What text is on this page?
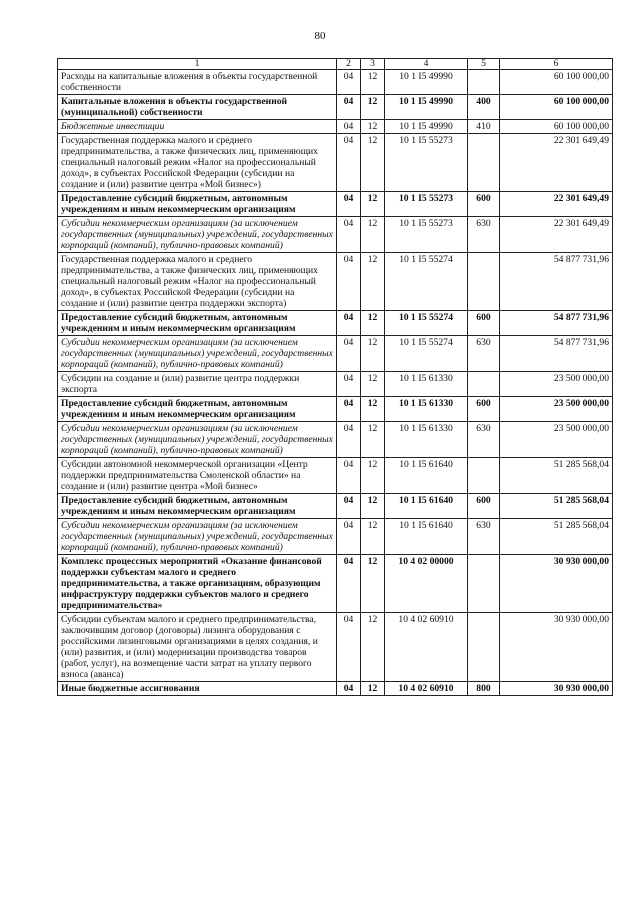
80
1	2	3	4	5	6
Расходы на капитальные вложения в объекты государственной собственности	04	12	10 1 I5 49990		60 100 000,00
Капитальные вложения в объекты государственной (муниципальной) собственности	04	12	10 1 I5 49990	400	60 100 000,00
Бюджетные инвестиции	04	12	10 1 I5 49990	410	60 100 000,00
Государственная поддержка малого и среднего предпринимательства, а также физических лиц, применяющих специальный налоговый режим «Налог на профессиональный доход», в субъектах Российской Федерации (субсидии на создание и (или) развитие центра «Мой бизнес»)	04	12	10 1 I5 55273		22 301 649,49
Предоставление субсидий бюджетным, автономным учреждениям и иным некоммерческим организациям	04	12	10 1 I5 55273	600	22 301 649,49
Субсидии некоммерческим организациям (за исключением государственных (муниципальных) учреждений, государственных корпораций (компаний), публично-правовых компаний)	04	12	10 1 I5 55273	630	22 301 649,49
Государственная поддержка малого и среднего предпринимательства, а также физических лиц, применяющих специальный налоговый режим «Налог на профессиональный доход», в субъектах Российской Федерации (субсидии на создание и (или) развитие центра поддержки экспорта)	04	12	10 1 I5 55274		54 877 731,96
Предоставление субсидий бюджетным, автономным учреждениям и иным некоммерческим организациям	04	12	10 1 I5 55274	600	54 877 731,96
Субсидии некоммерческим организациям (за исключением государственных (муниципальных) учреждений, государственных корпораций (компаний), публично-правовых компаний)	04	12	10 1 I5 55274	630	54 877 731,96
Субсидии на создание и (или) развитие центра поддержки экспорта	04	12	10 1 I5 61330		23 500 000,00
Предоставление субсидий бюджетным, автономным учреждениям и иным некоммерческим организациям	04	12	10 1 I5 61330	600	23 500 000,00
Субсидии некоммерческим организациям (за исключением государственных (муниципальных) учреждений, государственных корпораций (компаний), публично-правовых компаний)	04	12	10 1 I5 61330	630	23 500 000,00
Субсидии автономной некоммерческой организации «Центр поддержки предпринимательства Смоленской области» на создание и (или) развитие центра «Мой бизнес»	04	12	10 1 I5 61640		51 285 568,04
Предоставление субсидий бюджетным, автономным учреждениям и иным некоммерческим организациям	04	12	10 1 I5 61640	600	51 285 568,04
Субсидии некоммерческим организациям (за исключением государственных (муниципальных) учреждений, государственных корпораций (компаний), публично-правовых компаний)	04	12	10 1 I5 61640	630	51 285 568,04
Комплекс процессных мероприятий «Оказание финансовой поддержки субъектам малого и среднего предпринимательства, а также организациям, образующим инфраструктуру поддержки субъектов малого и среднего предпринимательства»	04	12	10 4 02 00000		30 930 000,00
Субсидии субъектам малого и среднего предпринимательства, заключившим договор (договоры) лизинга оборудования с российскими лизинговыми организациями в целях создания, и (или) развития, и (или) модернизации производства товаров (работ, услуг), на возмещение части затрат на уплату первого взноса (аванса)	04	12	10 4 02 60910		30 930 000,00
Иные бюджетные ассигнования	04	12	10 4 02 60910	800	30 930 000,00
